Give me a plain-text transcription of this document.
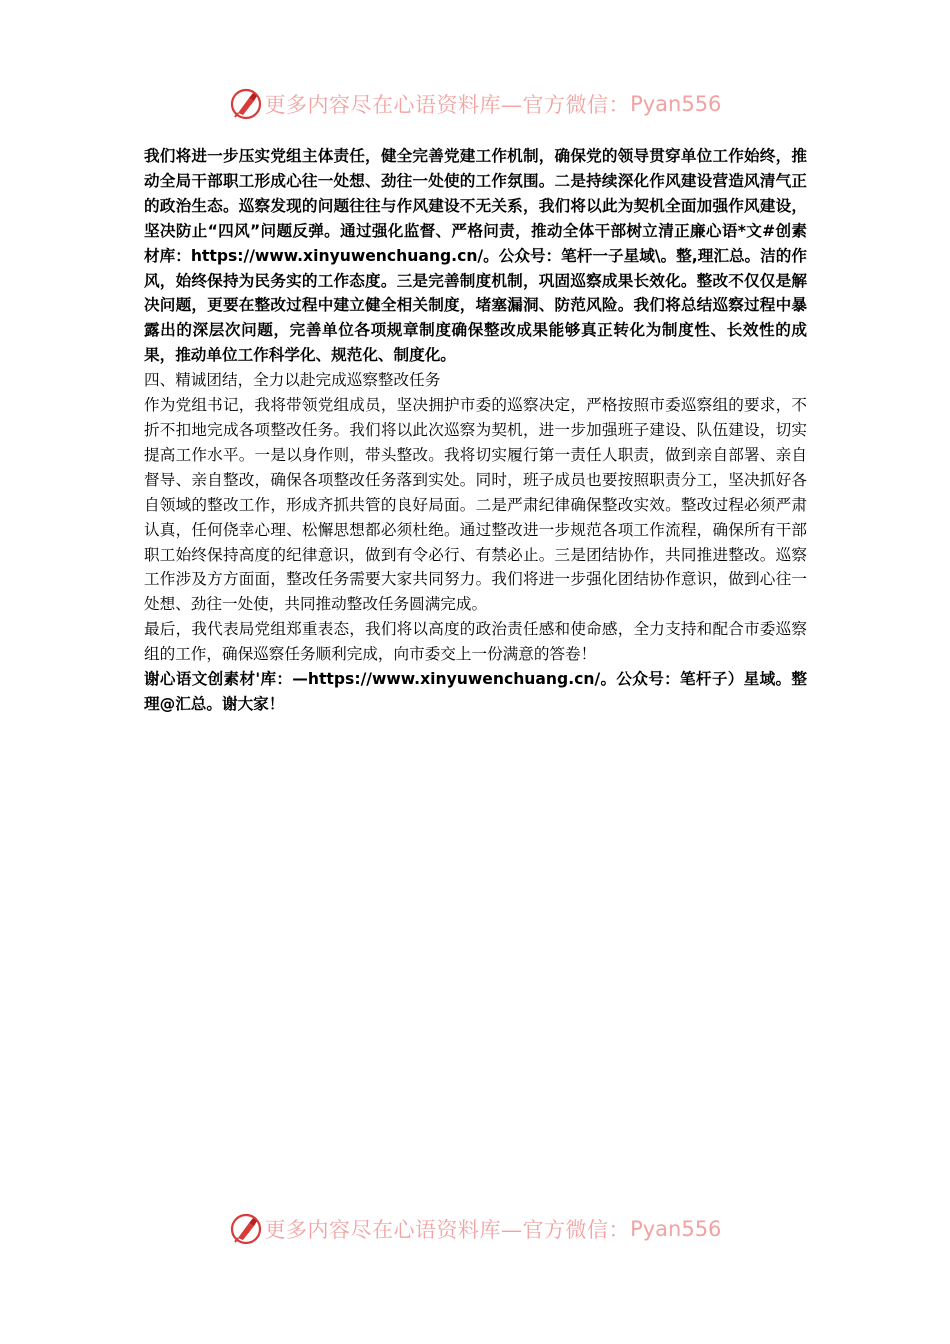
更多内容尽在心语资料库—官方微信： Pyan556

我们将进一步压实党组主体责任，健全完善党建工作机制，确保党的领导贯穿单位工作始终，推动全局干部职工形成心往一处想、劲往一处使的工作氛围。二是持续深化作风建设营造风清气正的政治生态。巡察发现的问题往往与作风建设不无关系，我们将以此为契机全面加强作风建设，坚决防止“四风”问题反弹。通过强化监督、严格问责，推动全体干部树立清正廉心语*文#创素材库：https://www.xinyuwenchuang.cn/。公众号：笔杆一子星域\。整,理汇总。洁的作风，始终保持为民务实的工作态度。三是完善制度机制，巩固巡察成果长效化。整改不仅仅是解决问题，更要在整改过程中建立健全相关制度，堵塞漏洞、防范风险。我们将总结巡察过程中暴露出的深层次问题，完善单位各项规章制度确保整改成果能够真正转化为制度性、长效性的成果，推动单位工作科学化、规范化、制度化。

四、精诚团结，全力以赴完成巡察整改任务

作为党组书记，我将带领党组成员，坚决拥护市委的巡察决定，严格按照市委巡察组的要求，不折不扣地完成各项整改任务。我们将以此次巡察为契机，进一步加强班子建设、队伍建设，切实提高工作水平。一是以身作则，带头整改。我将切实履行第一责任人职责，做到亲自部署、亲自督导、亲自整改，确保各项整改任务落到实处。同时，班子成员也要按照职责分工，坚决抓好各自领域的整改工作，形成齐抓共管的良好局面。二是严肃纪律确保整改实效。整改过程必须严肃认真，任何侥幸心理、松懈思想都必须杜绝。通过整改进一步规范各项工作流程，确保所有干部职工始终保持高度的纪律意识，做到有令必行、有禁必止。三是团结协作，共同推进整改。巡察工作涉及方方面面，整改任务需要大家共同努力。我们将进一步强化团结协作意识，做到心往一处想、劲往一处使，共同推动整改任务圆满完成。

最后，我代表局党组郑重表态，我们将以高度的政治责任感和使命感，全力支持和配合市委巡察组的工作，确保巡察任务顺利完成，向市委交上一份满意的答卷！

谢心语文创素材'库：—https://www.xinyuwenchuang.cn/。公众号：笔杆子）星域。整理@汇总。谢大家！

更多内容尽在心语资料库—官方微信： Pyan556
